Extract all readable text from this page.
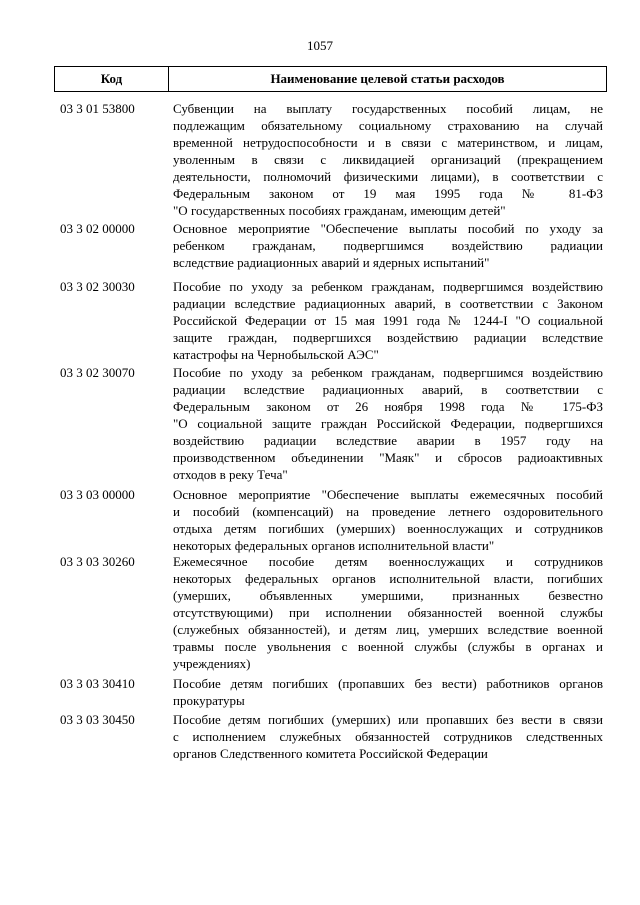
1057
Код	Наименование целевой статьи расходов
03 3 01 53800	Субвенции на выплату государственных пособий лицам, не
подлежащим обязательному социальному страхованию на случай
временной нетрудоспособности и в связи с материнством, и лицам,
уволенным в связи с ликвидацией организаций (прекращением
деятельности, полномочий физическими лицами), в соответствии с
Федеральным законом от 19 мая 1995 года № 81-ФЗ
"О государственных пособиях гражданам, имеющим детей"
03 3 02 00000	Основное мероприятие "Обеспечение выплаты пособий по уходу за
ребенком гражданам, подвергшимся воздействию радиации
вследствие радиационных аварий и ядерных испытаний"
03 3 02 30030	Пособие по уходу за ребенком гражданам, подвергшимся воздействию
радиации вследствие радиационных аварий, в соответствии с Законом
Российской Федерации от 15 мая 1991 года № 1244-I "О социальной
защите граждан, подвергшихся воздействию радиации вследствие
катастрофы на Чернобыльской АЭС"
03 3 02 30070	Пособие по уходу за ребенком гражданам, подвергшимся воздействию
радиации вследствие радиационных аварий, в соответствии с
Федеральным законом от 26 ноября 1998 года № 175-ФЗ
"О социальной защите граждан Российской Федерации, подвергшихся
воздействию радиации вследствие аварии в 1957 году на
производственном объединении "Маяк" и сбросов радиоактивных
отходов в реку Теча"
03 3 03 00000	Основное мероприятие "Обеспечение выплаты ежемесячных пособий
и пособий (компенсаций) на проведение летнего оздоровительного
отдыха детям погибших (умерших) военнослужащих и сотрудников
некоторых федеральных органов исполнительной власти"
03 3 03 30260	Ежемесячное пособие детям военнослужащих и сотрудников
некоторых федеральных органов исполнительной власти, погибших
(умерших, объявленных умершими, признанных безвестно
отсутствующими) при исполнении обязанностей военной службы
(служебных обязанностей), и детям лиц, умерших вследствие военной
травмы после увольнения с военной службы (службы в органах и
учреждениях)
03 3 03 30410	Пособие детям погибших (пропавших без вести) работников органов
прокуратуры
03 3 03 30450	Пособие детям погибших (умерших) или пропавших без вести в связи
с исполнением служебных обязанностей сотрудников следственных
органов Следственного комитета Российской Федерации
